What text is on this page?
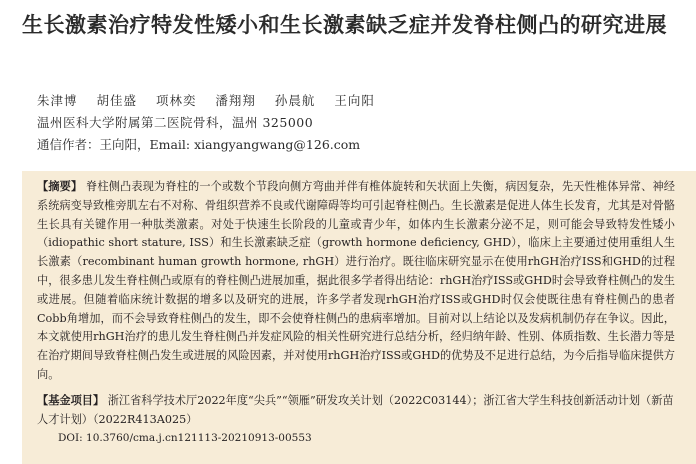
生长激素治疗特发性矮小和生长激素缺乏症并发脊柱侧凸的研究进展
朱津博 胡佳盛 项林奕 潘翔翔 孙晨航 王向阳
温州医科大学附属第二医院骨科，温州 325000
通信作者：王向阳，Email: xiangyangwang@126.com
【摘要】 脊柱侧凸表现为脊柱的一个或数个节段向侧方弯曲并伴有椎体旋转和矢状面上失衡，病因复杂，先天性椎体异常、神经系统病变导致椎旁肌左右不对称、骨组织营养不良或代谢障碍等均可引起脊柱侧凸。生长激素是促进人体生长发育，尤其是对骨骼生长具有关键作用一种肽类激素。对处于快速生长阶段的儿童或青少年，如体内生长激素分泌不足，则可能会导致特发性矮小（idiopathic short stature, ISS）和生长激素缺乏症（growth hormone deficiency, GHD），临床上主要通过使用重组人生长激素（recombinant human growth hormone, rhGH）进行治疗。既往临床研究显示在使用rhGH治疗ISS和GHD的过程中，很多患儿发生脊柱侧凸或原有的脊柱侧凸进展加重，据此很多学者得出结论：rhGH治疗ISS或GHD时会导致脊柱侧凸的发生或进展。但随着临床统计数据的增多以及研究的进展，许多学者发现rhGH治疗ISS或GHD时仅会使既往患有脊柱侧凸的患者Cobb角增加，而不会导致脊柱侧凸的发生，即不会使脊柱侧凸的患病率增加。目前对以上结论以及发病机制仍存在争议。因此，本文就使用rhGH治疗的患儿发生脊柱侧凸并发症风险的相关性研究进行总结分析，经归纳年龄、性别、体质指数、生长潜力等是在治疗期间导致脊柱侧凸发生或进展的风险因素，并对使用rhGH治疗ISS或GHD的优势及不足进行总结，为今后指导临床提供方向。
【基金项目】 浙江省科学技术厅2022年度“尖兵”“领雁”研发攻关计划（2022C03144）；浙江省大学生科技创新活动计划（新苗人才计划）（2022R413A025）
DOI: 10.3760/cma.j.cn121113-20210913-00553
